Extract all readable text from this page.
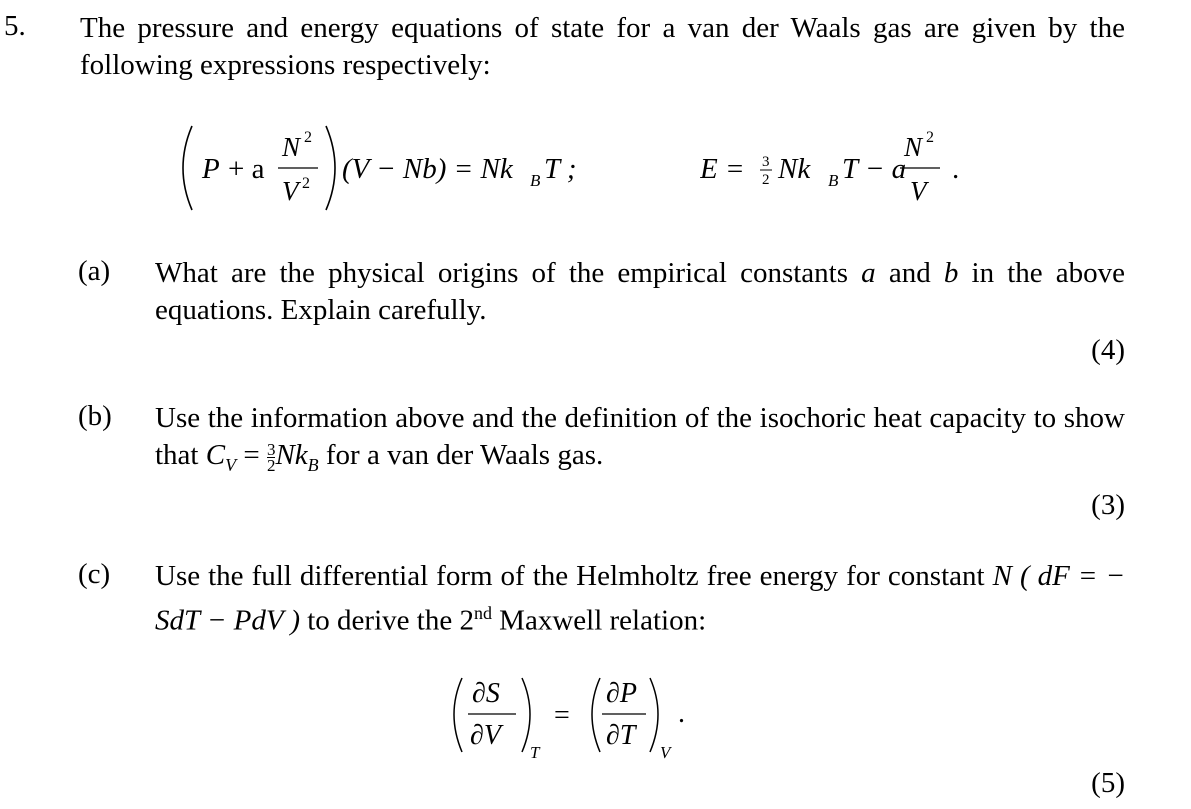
5. The pressure and energy equations of state for a van der Waals gas are given by the following expressions respectively:
P + a
N 2
V 2 (V − Nb) = Nk B T ;	E = 3
2 Nk B T − a
N 2
V
.
(a) What are the physical origins of the empirical constants a and b in the above equations. Explain carefully.
(4)
(b) Use the information above and the definition of the isochoric heat capacity to show that $C_V = \frac{3}{2} Nk_B$ for a van der Waals gas.
(3)
(c) Use the full differential form of the Helmholtz free energy for constant N ( dF = − SdT − PdV ) to derive the 2nd Maxwell relation:
∂S
∂V
T
=
∂P
∂T
V
.
(5)
